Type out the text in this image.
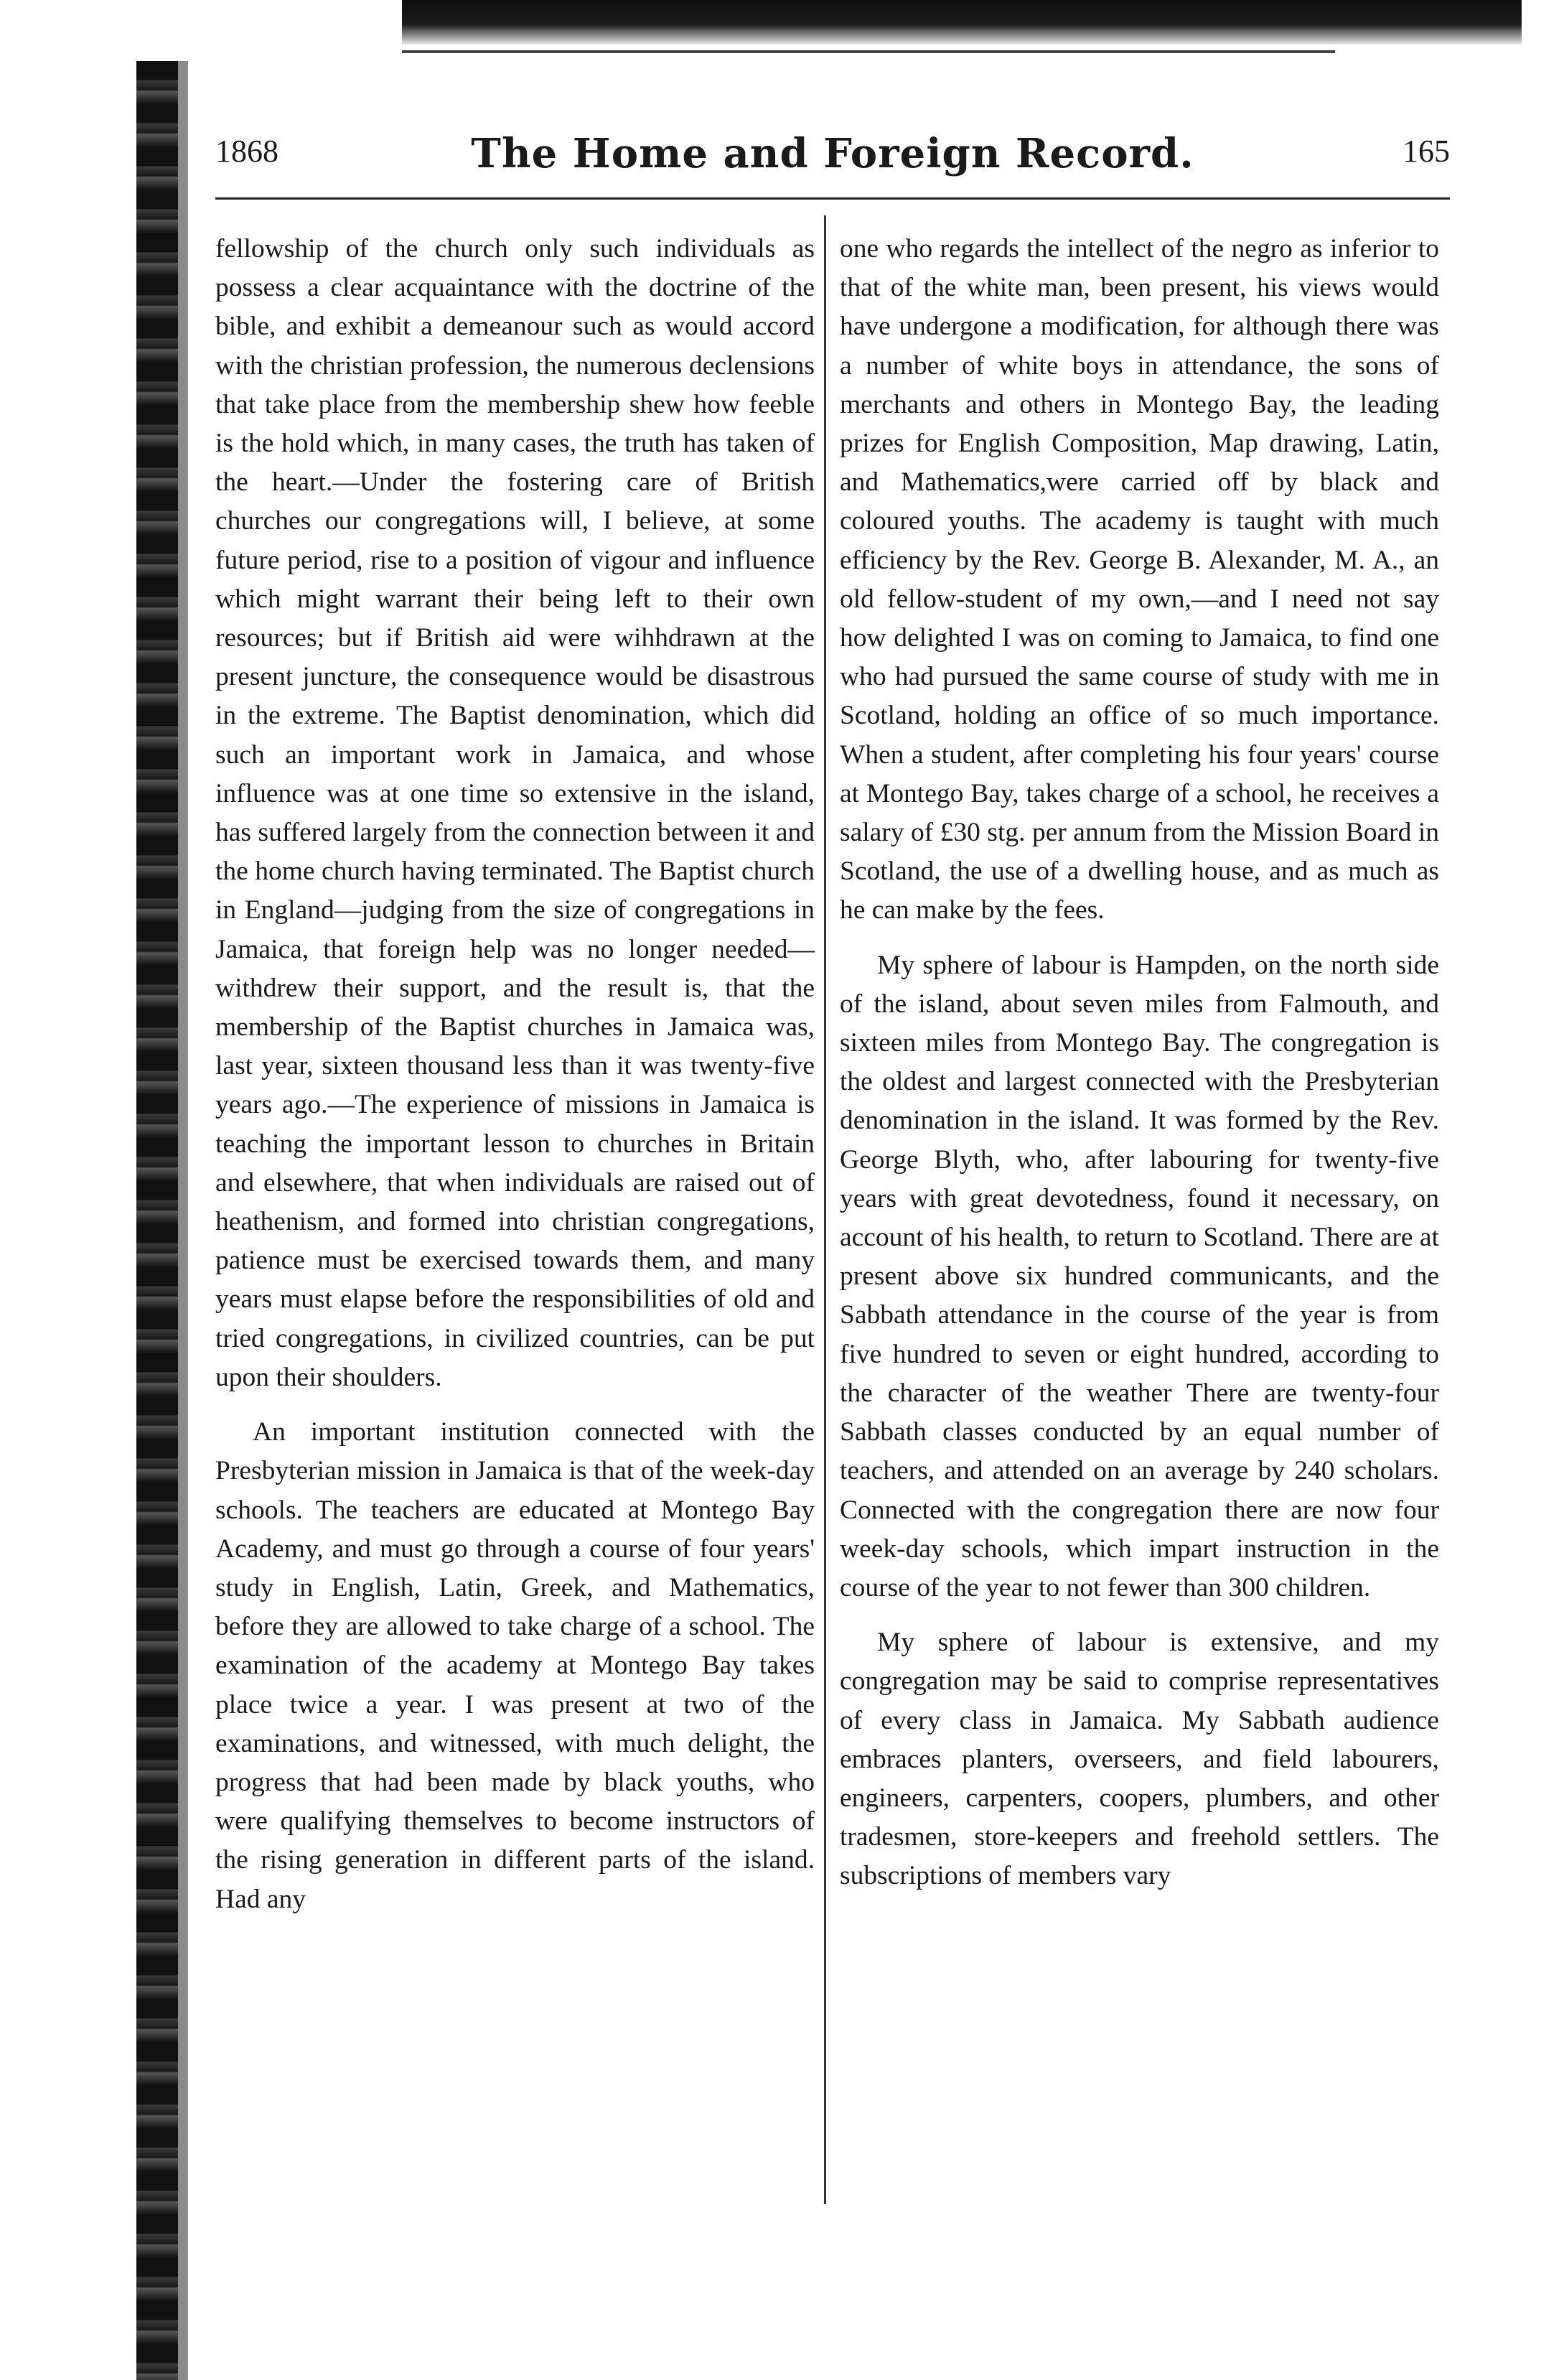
1868	The Home and Foreign Record.	165

fellowship of the church only such individuals as possess a clear acquaintance with the doctrine of the bible, and exhibit a demeanour such as would accord with the christian profession, the numerous declensions that take place from the membership shew how feeble is the hold which, in many cases, the truth has taken of the heart.—Under the fostering care of British churches our congregations will, I believe, at some future period, rise to a position of vigour and influence which might warrant their being left to their own resources; but if British aid were wihhdrawn at the present juncture, the consequence would be disastrous in the extreme. The Baptist denomination, which did such an important work in Jamaica, and whose influence was at one time so extensive in the island, has suffered largely from the connection between it and the home church having terminated. The Baptist church in England—judging from the size of congregations in Jamaica, that foreign help was no longer needed—withdrew their support, and the result is, that the membership of the Baptist churches in Jamaica was, last year, sixteen thousand less than it was twenty-five years ago.—The experience of missions in Jamaica is teaching the important lesson to churches in Britain and elsewhere, that when individuals are raised out of heathenism, and formed into christian congregations, patience must be exercised towards them, and many years must elapse before the responsibilities of old and tried congregations, in civilized countries, can be put upon their shoulders.

An important institution connected with the Presbyterian mission in Jamaica is that of the week-day schools. The teachers are educated at Montego Bay Academy, and must go through a course of four years' study in English, Latin, Greek, and Mathematics, before they are allowed to take charge of a school. The examination of the academy at Montego Bay takes place twice a year. I was present at two of the examinations, and witnessed, with much delight, the progress that had been made by black youths, who were qualifying themselves to become instructors of the rising generation in different parts of the island. Had any

one who regards the intellect of the negro as inferior to that of the white man, been present, his views would have undergone a modification, for although there was a number of white boys in attendance, the sons of merchants and others in Montego Bay, the leading prizes for English Composition, Map drawing, Latin, and Mathematics,were carried off by black and coloured youths. The academy is taught with much efficiency by the Rev. George B. Alexander, M. A., an old fellow-student of my own,—and I need not say how delighted I was on coming to Jamaica, to find one who had pursued the same course of study with me in Scotland, holding an office of so much importance. When a student, after completing his four years' course at Montego Bay, takes charge of a school, he receives a salary of £30 stg. per annum from the Mission Board in Scotland, the use of a dwelling house, and as much as he can make by the fees.

My sphere of labour is Hampden, on the north side of the island, about seven miles from Falmouth, and sixteen miles from Montego Bay. The congregation is the oldest and largest connected with the Presbyterian denomination in the island. It was formed by the Rev. George Blyth, who, after labouring for twenty-five years with great devotedness, found it necessary, on account of his health, to return to Scotland. There are at present above six hundred communicants, and the Sabbath attendance in the course of the year is from five hundred to seven or eight hundred, according to the character of the weather There are twenty-four Sabbath classes conducted by an equal number of teachers, and attended on an average by 240 scholars. Connected with the congregation there are now four week-day schools, which impart instruction in the course of the year to not fewer than 300 children.

My sphere of labour is extensive, and my congregation may be said to comprise representatives of every class in Jamaica. My Sabbath audience embraces planters, overseers, and field labourers, engineers, carpenters, coopers, plumbers, and other tradesmen, store-keepers and freehold settlers. The subscriptions of members vary
